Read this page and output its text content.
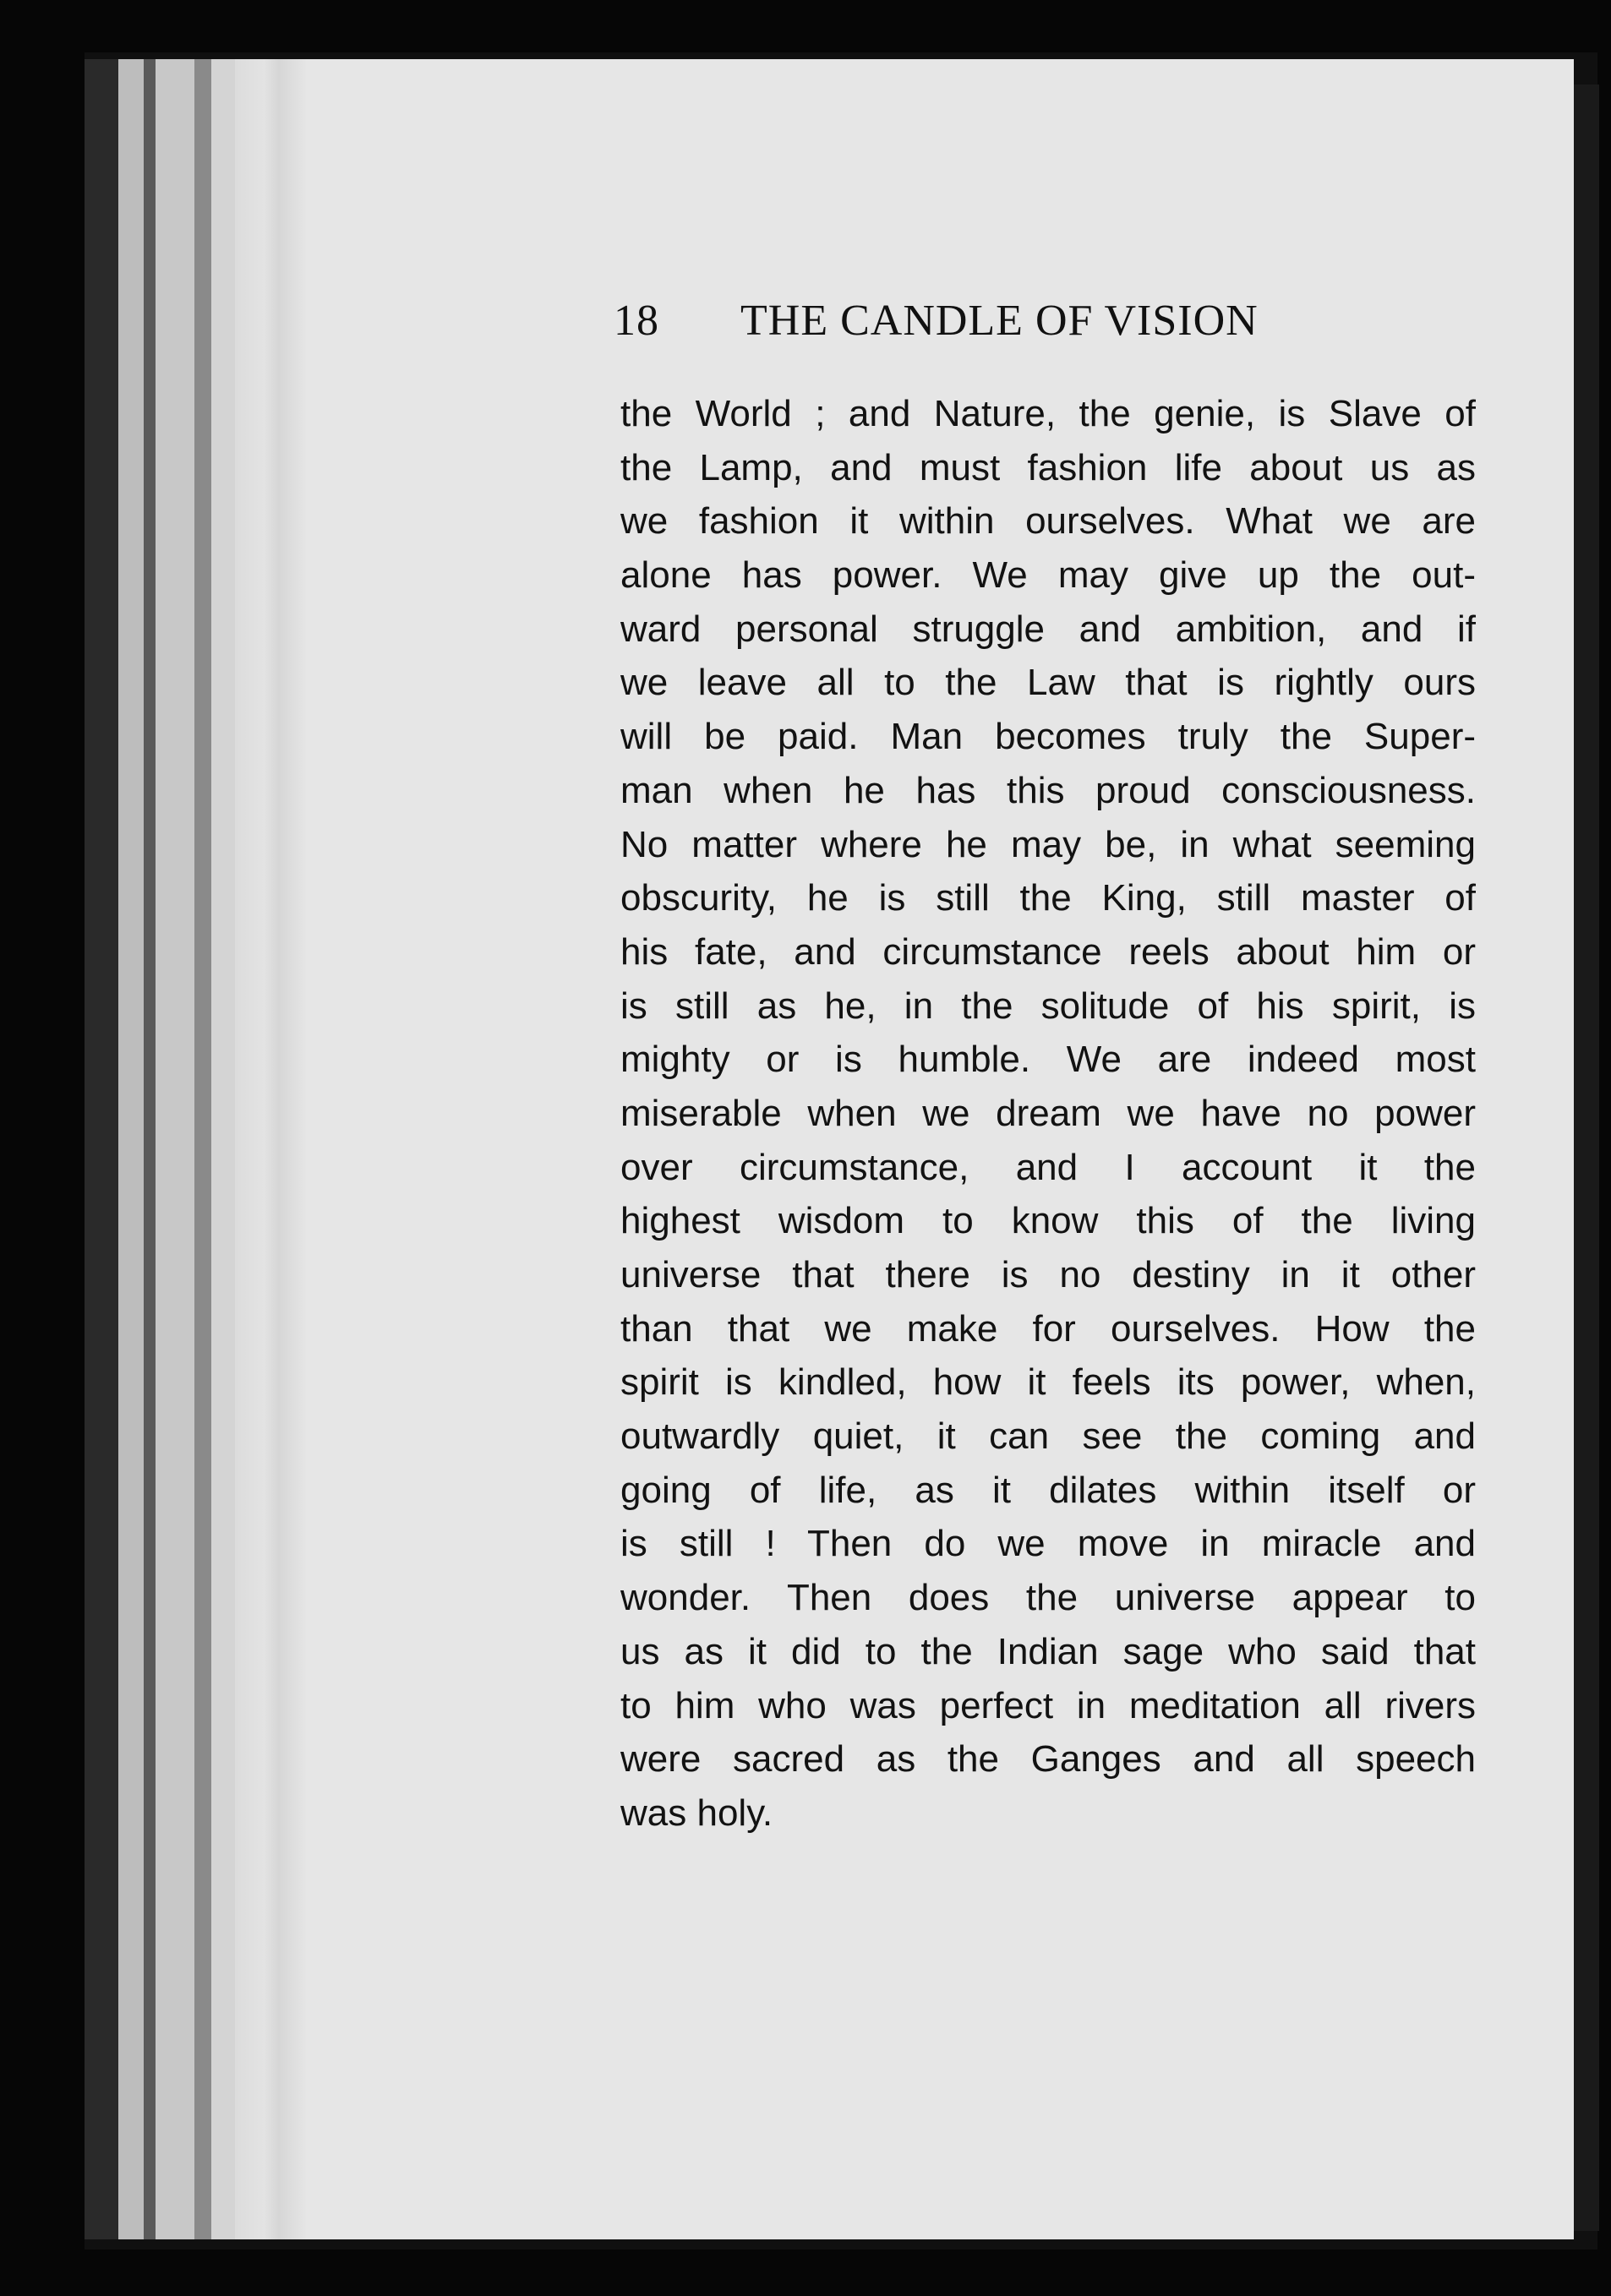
18 THE CANDLE OF VISION
the World ; and Nature, the genie, is Slave of
the Lamp, and must fashion life about us as
we fashion it within ourselves. What we are
alone has power. We may give up the out-
ward personal struggle and ambition, and if
we leave all to the Law that is rightly ours
will be paid. Man becomes truly the Super-
man when he has this proud consciousness.
No matter where he may be, in what seeming
obscurity, he is still the King, still master of
his fate, and circumstance reels about him or
is still as he, in the solitude of his spirit, is
mighty or is humble. We are indeed most
miserable when we dream we have no power
over circumstance, and I account it the
highest wisdom to know this of the living
universe that there is no destiny in it other
than that we make for ourselves. How the
spirit is kindled, how it feels its power, when,
outwardly quiet, it can see the coming and
going of life, as it dilates within itself or
is still ! Then do we move in miracle and
wonder. Then does the universe appear to
us as it did to the Indian sage who said that
to him who was perfect in meditation all rivers
were sacred as the Ganges and all speech
was holy.
